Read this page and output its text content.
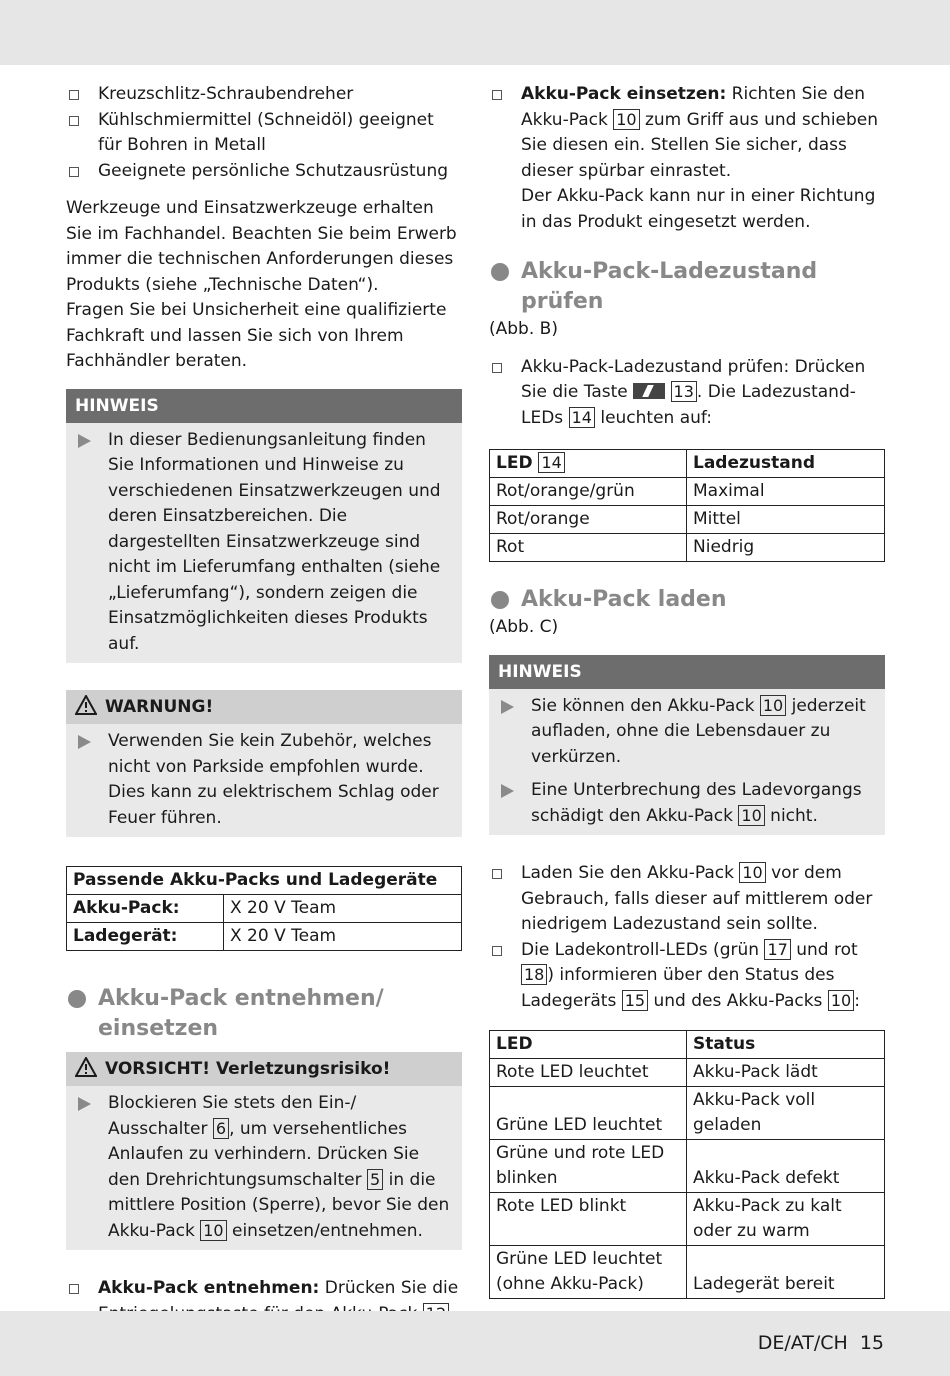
Kreuzschlitz-Schraubendreher
Kühlschmiermittel (Schneidöl) geeignet für Bohren in Metall
Geeignete persönliche Schutzausrüstung

Werkzeuge und Einsatzwerkzeuge erhalten Sie im Fachhandel. Beachten Sie beim Erwerb immer die technischen Anforderungen dieses Produkts (siehe „Technische Daten“).

Fragen Sie bei Unsicherheit eine qualifizierte Fachkraft und lassen Sie sich von Ihrem Fachhändler beraten.

HINWEIS
In dieser Bedienungsanleitung finden Sie Informationen und Hinweise zu verschiedenen Einsatzwerkzeugen und deren Einsatzbereichen. Die dargestellten Einsatzwerkzeuge sind nicht im Lieferumfang enthalten (siehe „Lieferumfang“), sondern zeigen die Einsatzmöglichkeiten dieses Produkts auf.
WARNUNG!
Verwenden Sie kein Zubehör, welches nicht von Parkside empfohlen wurde. Dies kann zu elektrischem Schlag oder Feuer führen.
Passende Akku-Packs und Ladegeräte	
Akku-Pack:	X 20 V Team
Ladegerät:	X 20 V Team
Akku-Pack entnehmen/ einsetzen
VORSICHT! Verletzungsrisiko!
Blockieren Sie stets den Ein-/ Ausschalter 6 , um versehentliches Anlaufen zu verhindern. Drücken Sie den Drehrichtungsumschalter 5 in die mittlere Position (Sperre), bevor Sie den Akku-Pack 10 einsetzen/entnehmen.
Akku-Pack entnehmen: Drücken Sie die
Akku-Pack einsetzen: Richten Sie den Akku-Pack 10 zum Griff aus und schieben Sie diesen ein. Stellen Sie sicher, dass dieser spürbar einrastet.
Der Akku-Pack kann nur in einer Richtung in das Produkt eingesetzt werden.
Akku-Pack-Ladezustand prüfen
(Abb. B)
Akku-Pack-Ladezustand prüfen: Drücken Sie die Taste	13 . Die Ladezustand-LEDs 14 leuchten auf:
LED 14	Ladezustand
Rot/orange/grün	Maximal
Rot/orange	Mittel
Rot	Niedrig
Akku-Pack laden
(Abb. C)
HINWEIS
Sie können den Akku-Pack 10 jederzeit aufladen, ohne die Lebensdauer zu verkürzen.
Eine Unterbrechung des Ladevorgangs schädigt den Akku-Pack 10 nicht.
Laden Sie den Akku-Pack 10 vor dem Gebrauch, falls dieser auf mittlerem oder niedrigem Ladezustand sein sollte.
Die Ladekontroll-LEDs (grün 17 und rot 18 ) informieren über den Status des Ladegeräts 15 und des Akku-Packs 10 :
LED	Status
Rote LED leuchtet	Akku-Pack lädt
Grüne LED leuchtet	Akku-Pack voll geladen
Grüne und rote LED blinken	Akku-Pack defekt
Rote LED blinkt	Akku-Pack zu kalt oder zu warm
Grüne LED leuchtet (ohne Akku-Pack)	Ladegerät bereit
DE/AT/CH 15
